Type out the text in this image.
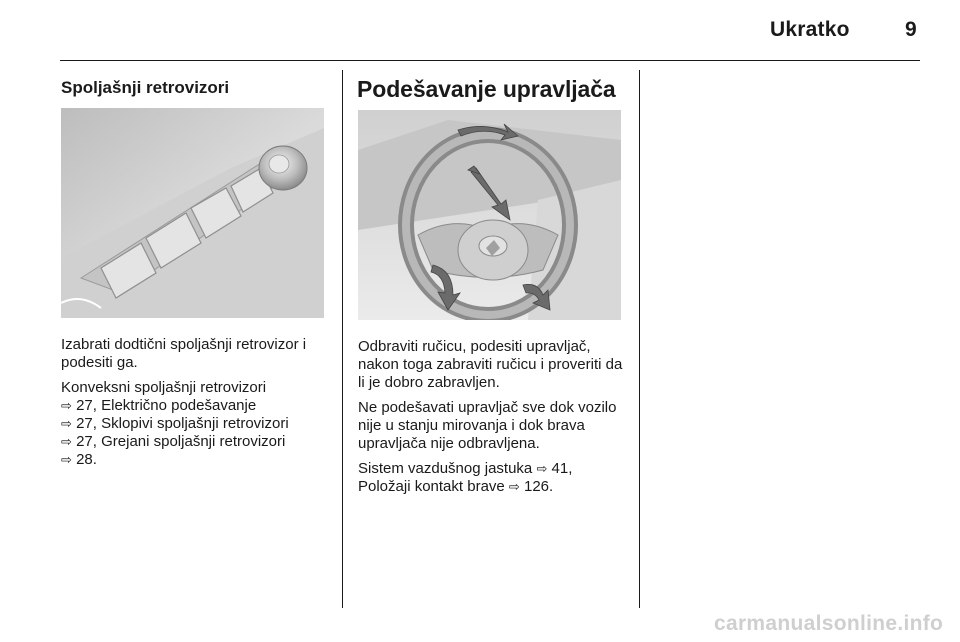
Ukratko	9
Spoljašnji retrovizori

Izabrati dodtični spoljašnji retrovizor i podesiti ga.

Konveksni spoljašnji retrovizori
⇨ 27, Električno podešavanje
⇨ 27, Sklopivi spoljašnji retrovizori
⇨ 27, Grejani spoljašnji retrovizori
⇨ 28.

Podešavanje upravljača

Odbraviti ručicu, podesiti upravljač, nakon toga zabraviti ručicu i proveriti da li je dobro zabravljen.

Ne podešavati upravljač sve dok vozilo nije u stanju mirovanja i dok brava upravljača nije odbravljena.

Sistem vazdušnog jastuka ⇨ 41,
Položaji kontakt brave ⇨ 126.

carmanualsonline.info
